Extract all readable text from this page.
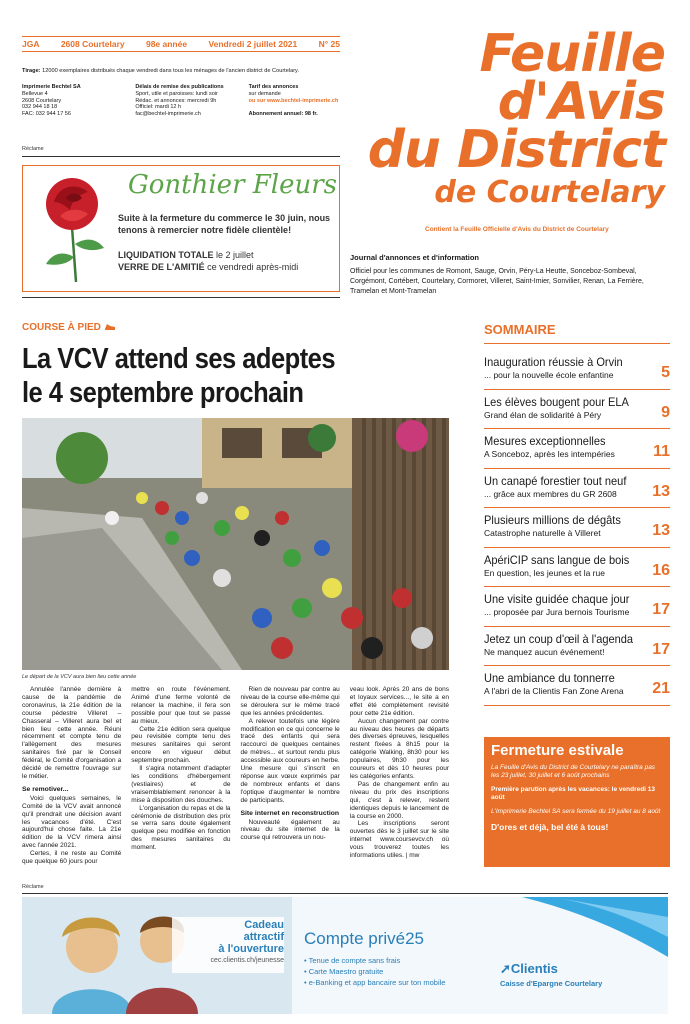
JGA	2608 Courtelary	98e année	Vendredi 2 juillet 2021	N° 25
Tirage: 12000 exemplaires distribués chaque vendredi dans tous les ménages de l'ancien district de Courtelary.
Imprimerie Bechtel SA
Bellevue 4
2608 Courtelary
032 944 18 18
FAC: 032 944 17 56
Délais de remise des publications
Sport, utile et paroisses: lundi soir
Rédac. et annonces: mercredi 9h
Officiel: mardi 12 h
fac@bechtel-imprimerie.ch
Tarif des annonces
sur demande
ou sur www.bechtel-imprimerie.ch

Abonnement annuel: 98 fr.
Feuille
d'Avis
du District
de Courtelary
Contient la Feuille Officielle d'Avis du District de Courtelary
Journal d'annonces et d'information
Officiel pour les communes de Romont, Sauge, Orvin, Péry-La Heutte, Sonceboz-Sombeval, Corgémont, Cortébert, Courtelary, Cormoret, Villeret, Saint-Imier, Sonvilier, Renan, La Ferrière, Tramelan et Mont-Tramelan
Réclame
Gonthier Fleurs
Suite à la fermeture du commerce le 30 juin, nous tenons à remercier notre fidèle clientèle!
LIQUIDATION TOTALE le 2 juillet
VERRE DE L'AMITIÉ ce vendredi après-midi
COURSE À PIED
La VCV attend ses adeptes
le 4 septembre prochain
Le départ de la VCV aura bien lieu cette année

Annulée l'année dernière à cause de la pandémie de coronavirus, la 21e édition de la course pédestre Villeret – Chasseral – Villeret aura bel et bien lieu cette année. Réuni récemment et compte tenu de l'allègement des mesures sanitaires fixé par le Conseil fédéral, le Comité d'organisation a décidé de remettre l'ouvrage sur le métier.

Se remotiver...

Voici quelques semaines, le Comité de la VCV avait annoncé qu'il prendrait une décision avant les vacances d'été. C'est aujourd'hui chose faite. La 21e édition de la VCV rimera ainsi avec l'année 2021.

Certes, il ne reste au Comité que quelque 60 jours pour

mettre en route l'événement. Animé d'une ferme volonté de relancer la machine, il fera son possible pour que tout se passe au mieux.

Cette 21e édition sera quelque peu revisitée compte tenu des mesures sanitaires qui seront encore en vigueur début septembre prochain.

Il s'agira notamment d'adapter les conditions d'hébergement (vestiaires) et de vraisemblablement renoncer à la mise à disposition des douches.

L'organisation du repas et de la cérémonie de distribution des prix se verra sans doute également quelque peu modifiée en fonction des mesures sanitaires du moment.

Rien de nouveau par contre au niveau de la course elle-même qui se déroulera sur le même tracé que les années précédentes.

A relever toutefois une légère modification en ce qui concerne le tracé des enfants qui sera raccourci de quelques centaines de mètres... et surtout rendu plus accessible aux coureurs en herbe. Une mesure qui s'inscrit en réponse aux vœux exprimés par de nombreux enfants et dans l'optique d'augmenter le nombre de participants.

Site internet en reconstruction

Nouveauté également au niveau du site internet de la course qui retrouvera un nou-

veau look. Après 20 ans de bons et loyaux services..., le site a en effet été complètement revisité pour cette 21e édition.

Aucun changement par contre au niveau des heures de départs des diverses épreuves, lesquelles restent fixées à 8h15 pour la catégorie Walking, 8h30 pour les populaires, 9h30 pour les coureurs et dès 10 heures pour les catégories enfants.

Pas de changement enfin au niveau du prix des inscriptions qui, c'est à relever, restent identiques depuis le lancement de la course en 2000.

Les inscriptions seront ouvertes dès le 3 juillet sur le site internet www.coursevcv.ch où vous trouverez toutes les informations utiles. | mw

SOMMAIRE
Inauguration réussie à Orvin
... pour la nouvelle école enfantine	5
Les élèves bougent pour ELA
Grand élan de solidarité à Péry	9
Mesures exceptionnelles
A Sonceboz, après les intempéries	11
Un canapé forestier tout neuf
... grâce aux membres du GR 2608	13
Plusieurs millions de dégâts
Catastrophe naturelle à Villeret	13
ApériCIP sans langue de bois
En question, les jeunes et la rue	16
Une visite guidée chaque jour
... proposée par Jura bernois Tourisme	17
Jetez un coup d'œil à l'agenda
Ne manquez aucun événement!	17
Une ambiance du tonnerre
A l'abri de la Clientis Fan Zone Arena	21
Fermeture estivale
La Feuille d'Avis du District de Courtelary ne paraîtra pas les 23 juillet, 30 juillet et 6 août prochains
Première parution après les vacances: le vendredi 13 août
L'Imprimerie Bechtel SA sera fermée du 19 juillet au 8 août
D'ores et déjà, bel été à tous!
Réclame
Cadeau
attractif
à l'ouverture
cec.clientis.ch/jeunesse
Compte privé25
• Tenue de compte sans frais
• Carte Maestro gratuite
• e-Banking et app bancaire sur ton mobile
➚Clientis
Caisse d'Epargne Courtelary
